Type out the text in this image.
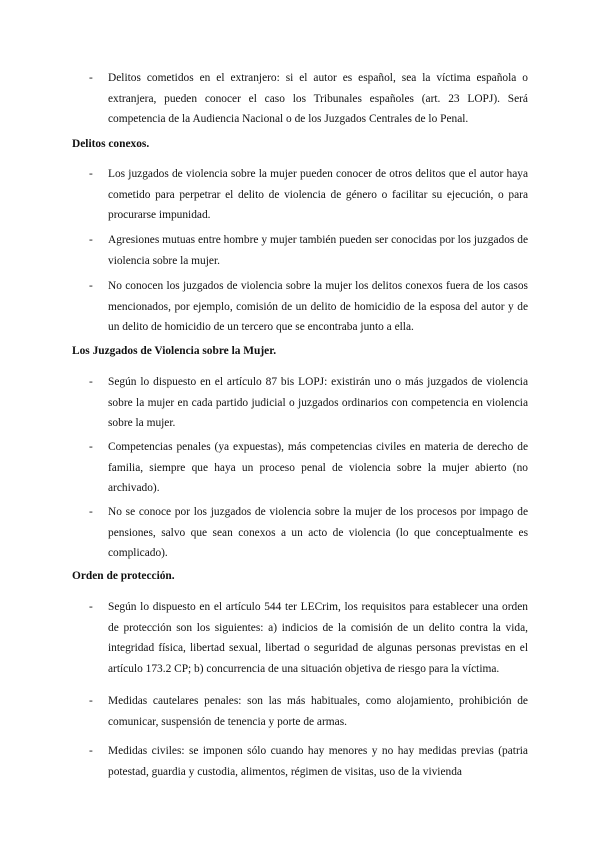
- Delitos cometidos en el extranjero: si el autor es español, sea la víctima española o extranjera, pueden conocer el caso los Tribunales españoles (art. 23 LOPJ). Será competencia de la Audiencia Nacional o de los Juzgados Centrales de lo Penal.
Delitos conexos.
- Los juzgados de violencia sobre la mujer pueden conocer de otros delitos que el autor haya cometido para perpetrar el delito de violencia de género o facilitar su ejecución, o para procurarse impunidad.
- Agresiones mutuas entre hombre y mujer también pueden ser conocidas por los juzgados de violencia sobre la mujer.
- No conocen los juzgados de violencia sobre la mujer los delitos conexos fuera de los casos mencionados, por ejemplo, comisión de un delito de homicidio de la esposa del autor y de un delito de homicidio de un tercero que se encontraba junto a ella.
Los Juzgados de Violencia sobre la Mujer.
- Según lo dispuesto en el artículo 87 bis LOPJ: existirán uno o más juzgados de violencia sobre la mujer en cada partido judicial o juzgados ordinarios con competencia en violencia sobre la mujer.
- Competencias penales (ya expuestas), más competencias civiles en materia de derecho de familia, siempre que haya un proceso penal de violencia sobre la mujer abierto (no archivado).
- No se conoce por los juzgados de violencia sobre la mujer de los procesos por impago de pensiones, salvo que sean conexos a un acto de violencia (lo que conceptualmente es complicado).
Orden de protección.
- Según lo dispuesto en el artículo 544 ter LECrim, los requisitos para establecer una orden de protección son los siguientes: a) indicios de la comisión de un delito contra la vida, integridad física, libertad sexual, libertad o seguridad de algunas personas previstas en el artículo 173.2 CP; b) concurrencia de una situación objetiva de riesgo para la víctima.
- Medidas cautelares penales: son las más habituales, como alojamiento, prohibición de comunicar, suspensión de tenencia y porte de armas.
- Medidas civiles: se imponen sólo cuando hay menores y no hay medidas previas (patria potestad, guardia y custodia, alimentos, régimen de visitas, uso de la vivienda
